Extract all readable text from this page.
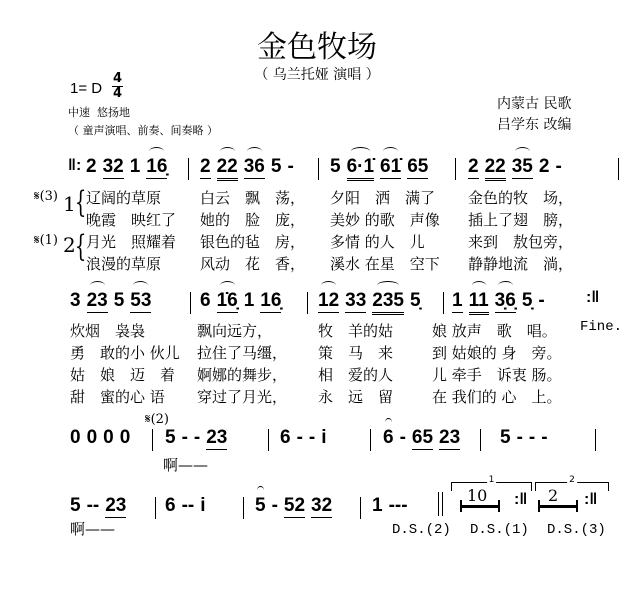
金色牧场
（ 乌兰托娅 演唱 ）
1= D
4
4
中速  悠扬地
（ 童声演唱、前奏、间奏略 ）
内蒙古 民歌
吕学东 改编
‖: 2 32 1 16̣	2 22 36 5 -	5 6·1̇ 61̇ 65	2 22 35 2 -
𝄋(3) 1 {
𝄋(1) 2 {
辽阔的草原	白云　飘　荡， 夕阳　洒　满了 金色的牧　场，
晚霞　映红了 她的　脸　庞， 美妙 的歌　声像 插上了翅　膀，
月光　照耀着 银色的毡　房， 多情 的人　儿	来到　敖包旁，
浪漫的草原	风动　花　香， 溪水 在星　空下 静静地流　淌，
3 23 5 53	6 1̇6̣ 1 16̣	12 33 235 5̣	1 11 3̣6̣ 5̣ -	:‖
炊烟　袅袅	飘向远方，	牧　羊的姑	娘 放声　歌　唱。
勇　敢的小 伙儿 拉住了马缰， 策　马　来	到 姑娘的 身　旁。
姑　娘　迈　着 婀娜的舞步， 相　爱的人	儿 牵手　诉衷 肠。
甜　蜜的心 语 穿过了月光， 永　远　留	在 我们的 心　上。
Fine.
𝄋(2)
0 0 0 0	5 - - 23	6 - - i	6 - 65 23	5 - - -
啊——
5 -- 23	6 -- i	5 - 52 32	1 ---
啊——
1	2
10 :‖ 2 :‖
D.S.(2) D.S.(1) D.S.(3)
